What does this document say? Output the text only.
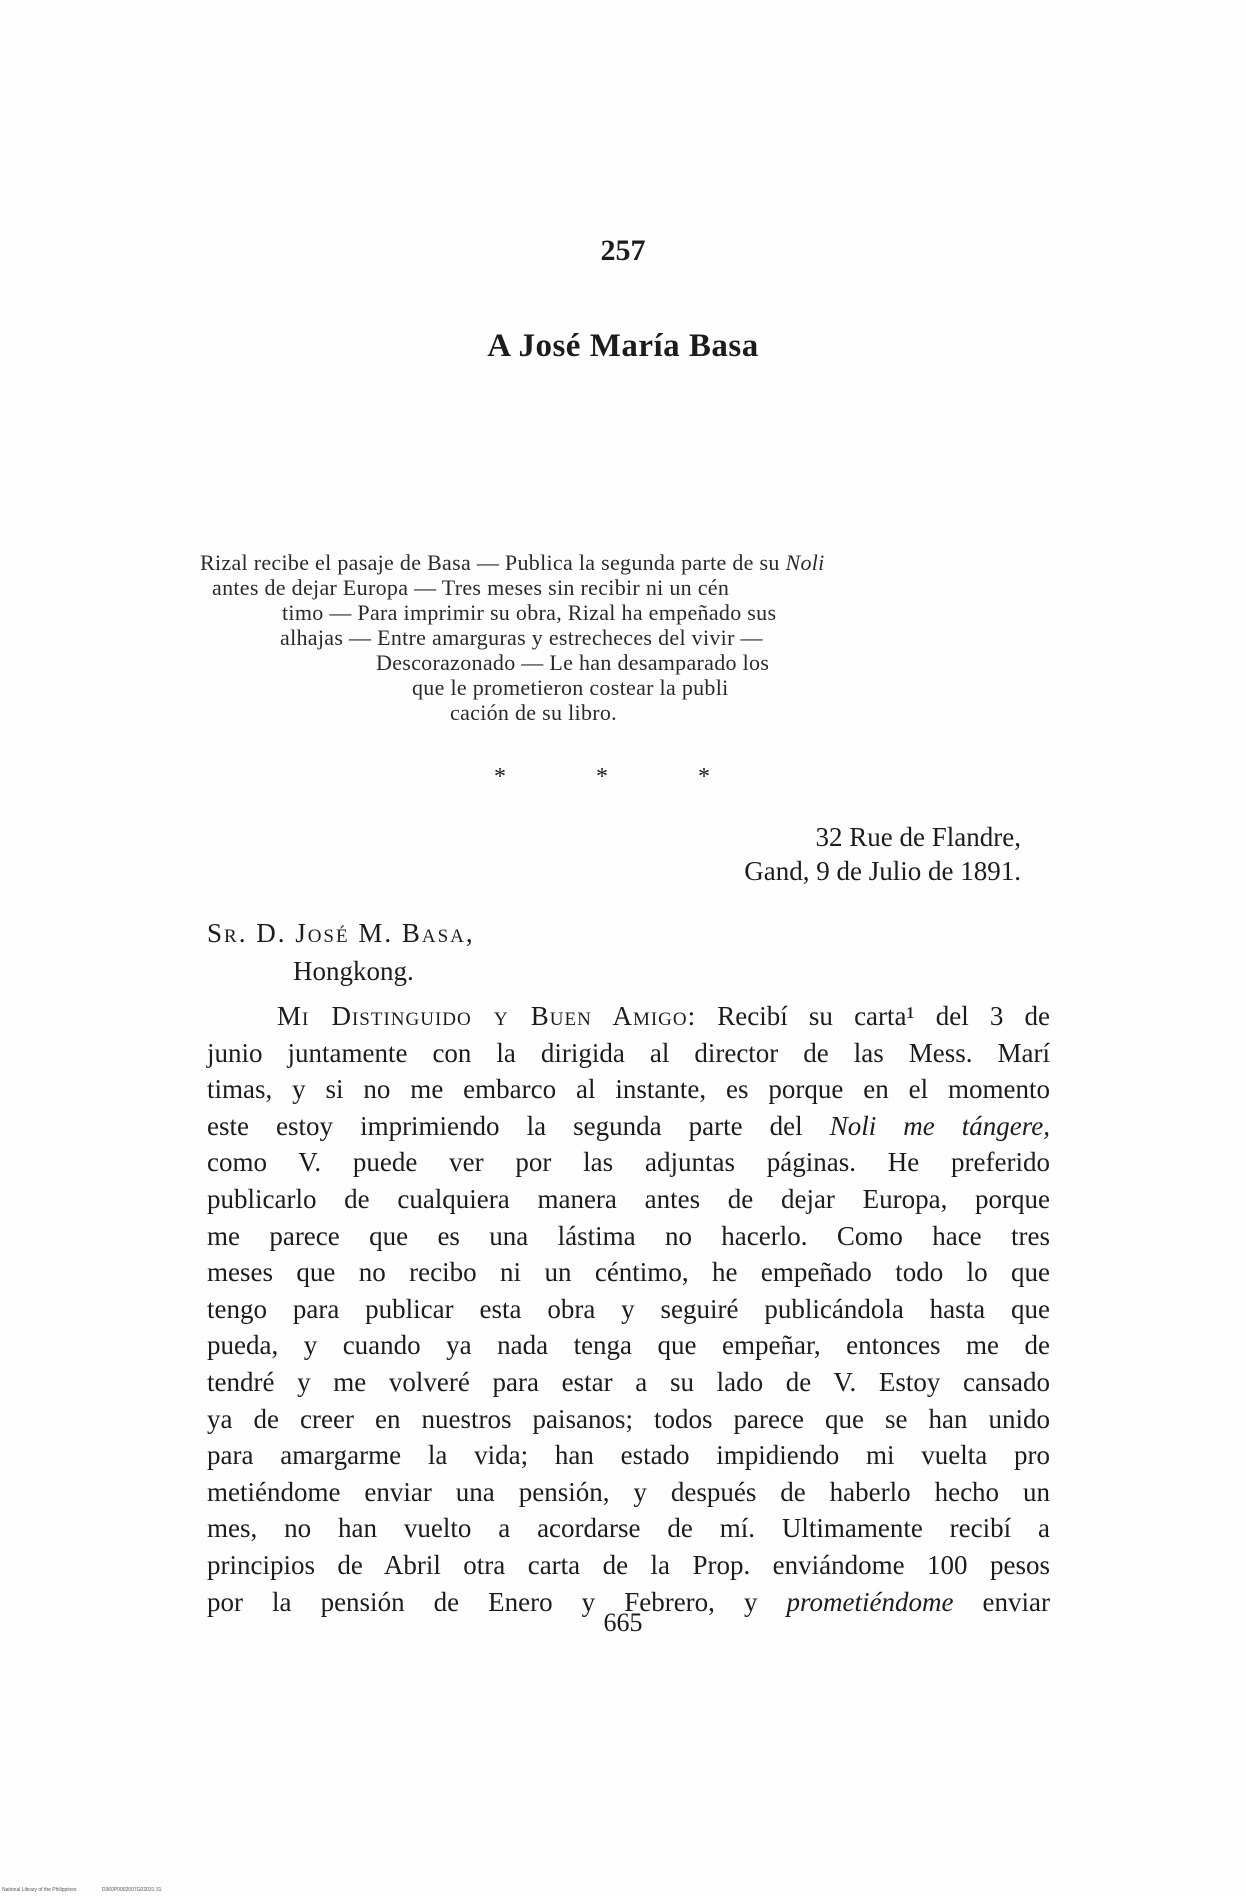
257
A José María Basa

Rizal recibe el pasaje de Basa — Publica la segunda parte de su Noli
antes de dejar Europa — Tres meses sin recibir ni un cén
timo — Para imprimir su obra, Rizal ha empeñado sus
alhajas — Entre amarguras y estrecheces del vivir —
Descorazonado — Le han desamparado los
que le prometieron costear la publi
cación de su libro.

* * *
32 Rue de Flandre,
Gand, 9 de Julio de 1891.
Sr. D. José M. Basa,
Hongkong.
Mi Distinguido y Buen Amigo: Recibí su carta¹ del 3 de
junio juntamente con la dirigida al director de las Mess. Marí
timas, y si no me embarco al instante, es porque en el momento
este estoy imprimiendo la segunda parte del Noli me tángere,
como V. puede ver por las adjuntas páginas. He preferido
publicarlo de cualquiera manera antes de dejar Europa, porque
me parece que es una lástima no hacerlo. Como hace tres
meses que no recibo ni un céntimo, he empeñado todo lo que
tengo para publicar esta obra y seguiré publicándola hasta que
pueda, y cuando ya nada tenga que empeñar, entonces me de
tendré y me volveré para estar a su lado de V. Estoy cansado
ya de creer en nuestros paisanos; todos parece que se han unido
para amargarme la vida; han estado impidiendo mi vuelta pro
metiéndome enviar una pensión, y después de haberlo hecho un
mes, no han vuelto a acordarse de mí. Ultimamente recibí a
principios de Abril otra carta de la Prop. enviándome 100 pesos
por la pensión de Enero y Febrero, y prometiéndome enviar
665
National Library of the Philippines	D360P0002007G02031 31
